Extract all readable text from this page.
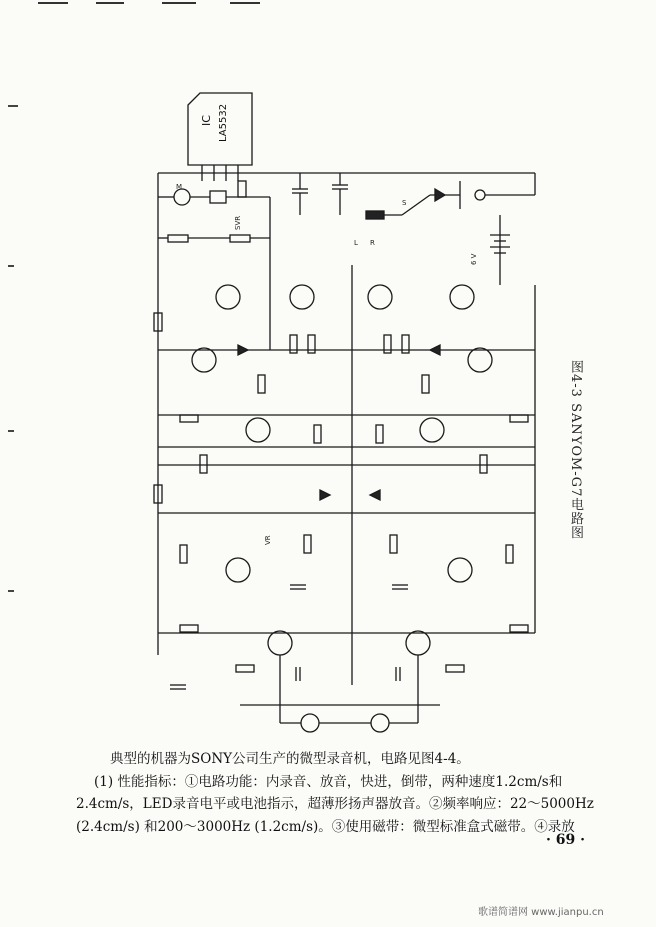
6 V
S
L R
M
SVR
VR
IC LA5532
图4-3 SANYOM-G7电路图

典型的机器为SONY公司生产的微型录音机，电路见图4-4。

(1) 性能指标：①电路功能：内录音、放音，快进，倒带，两种速度1.2cm/s和

2.4cm/s，LED录音电平或电池指示，超薄形扬声器放音。②频率响应：22～5000Hz

(2.4cm/s) 和200～3000Hz (1.2cm/s)。③使用磁带：微型标准盒式磁带。④录放

· 69 ·
歌谱简谱网 www.jianpu.cn
